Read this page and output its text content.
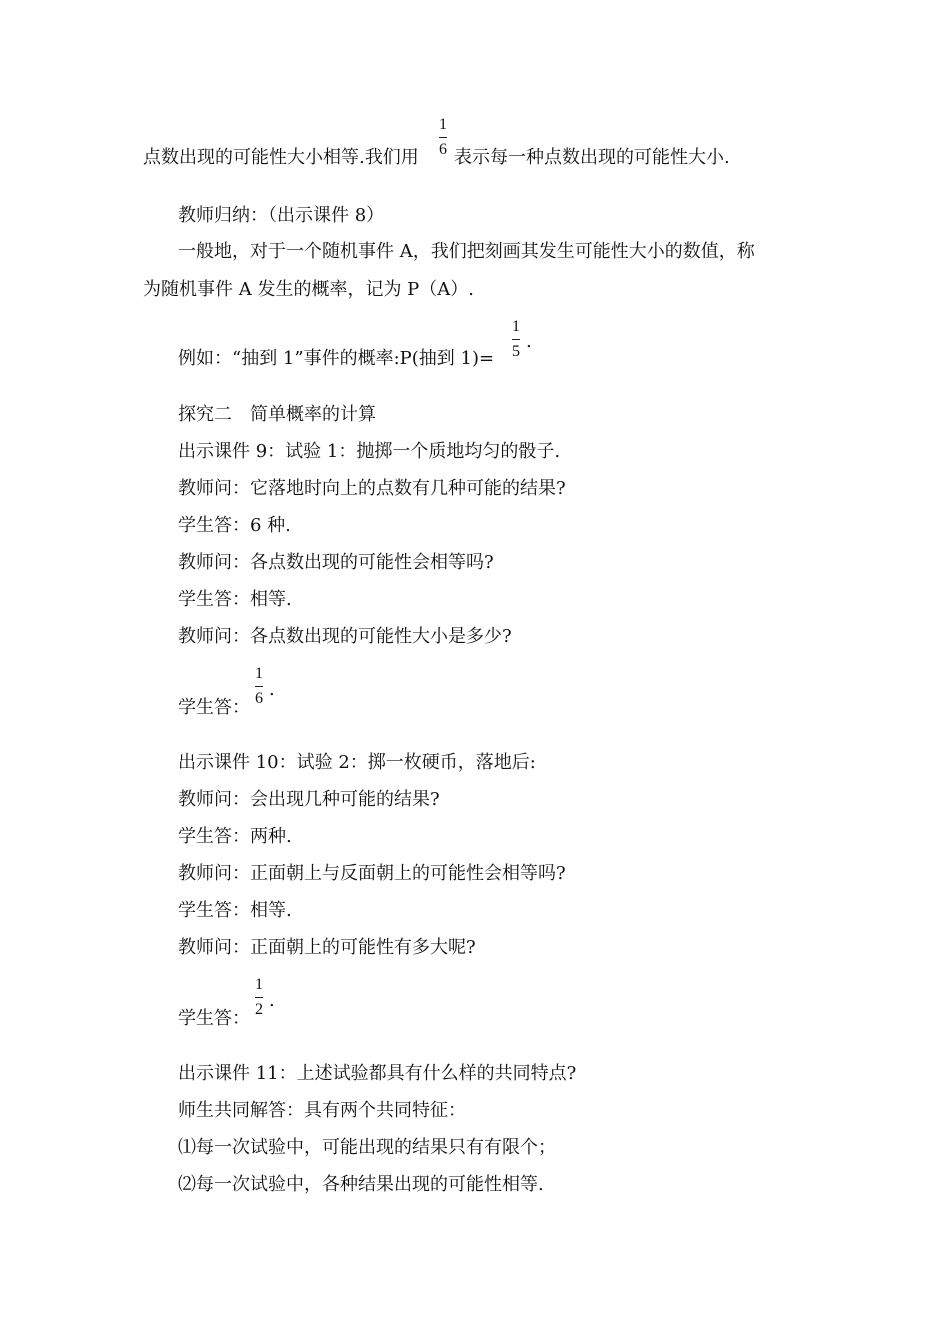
点数出现的可能性大小相等.我们用
1
6 表示每一种点数出现的可能性大小.
教师归纳：（出示课件 8）
一般地，对于一个随机事件 A，我们把刻画其发生可能性大小的数值，称
为随机事件 A 发生的概率，记为 P（A）.
例如：“抽到 1”事件的概率:P(抽到 1)=
1
5 .
探究二　简单概率的计算
出示课件 9：试验 1：抛掷一个质地均匀的骰子.
教师问：它落地时向上的点数有几种可能的结果?
学生答：6 种.
教师问：各点数出现的可能性会相等吗?
学生答：相等.
教师问：各点数出现的可能性大小是多少?
学生答：
1
6 .
出示课件 10：试验 2：掷一枚硬币，落地后:
教师问：会出现几种可能的结果?
学生答：两种.
教师问：正面朝上与反面朝上的可能性会相等吗?
学生答：相等.
教师问：正面朝上的可能性有多大呢?
学生答：
1
2 .
出示课件 11：上述试验都具有什么样的共同特点?
师生共同解答：具有两个共同特征：
⑴每一次试验中，可能出现的结果只有有限个；
⑵每一次试验中，各种结果出现的可能性相等.
